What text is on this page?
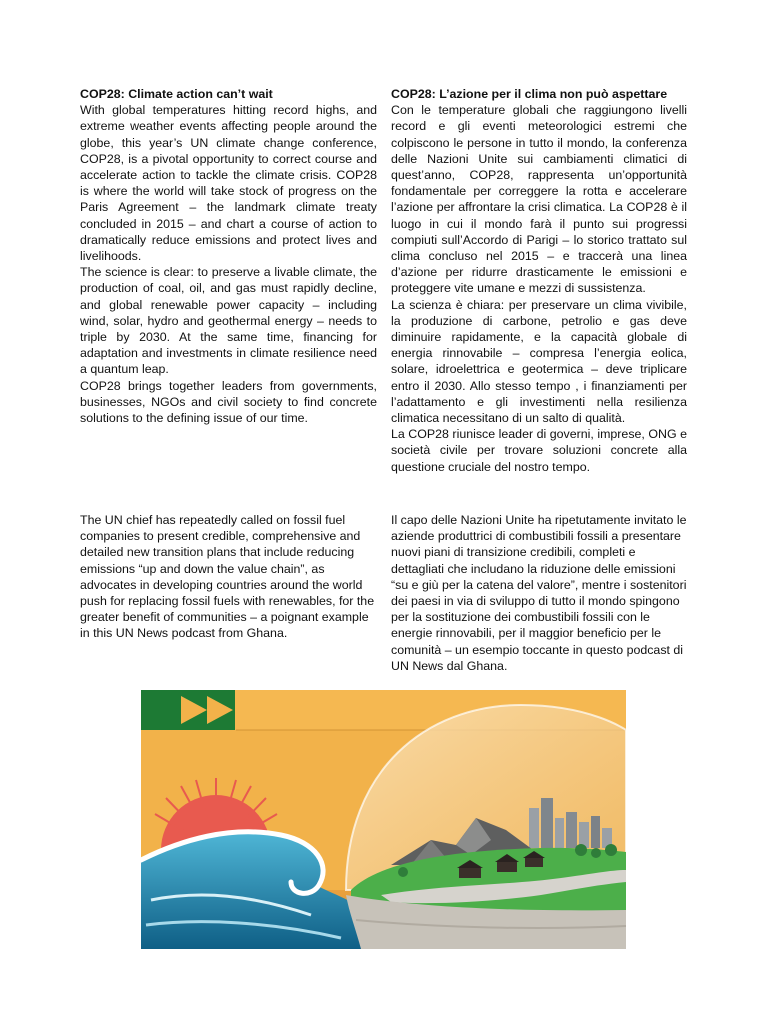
COP28: Climate action can’t wait

With global temperatures hitting record highs, and extreme weather events affecting people around the globe, this year’s UN climate change conference, COP28, is a pivotal opportunity to correct course and accelerate action to tackle the climate crisis. COP28 is where the world will take stock of progress on the Paris Agreement – the landmark climate treaty concluded in 2015 – and chart a course of action to dramatically reduce emissions and protect lives and livelihoods.

The science is clear: to preserve a livable climate, the production of coal, oil, and gas must rapidly decline, and global renewable power capacity – including wind, solar, hydro and geothermal energy – needs to triple by 2030. At the same time, financing for adaptation and investments in climate resilience need a quantum leap.

COP28 brings together leaders from governments, businesses, NGOs and civil society to find concrete solutions to the defining issue of our time.

COP28: L’azione per il clima non può aspettare

Con le temperature globali che raggiungono livelli record e gli eventi meteorologici estremi che colpiscono le persone in tutto il mondo, la conferenza delle Nazioni Unite sui cambiamenti climatici di quest’anno, COP28, rappresenta un’opportunità fondamentale per correggere la rotta e accelerare l’azione per affrontare la crisi climatica. La COP28 è il luogo in cui il mondo farà il punto sui progressi compiuti sull’Accordo di Parigi – lo storico trattato sul clima concluso nel 2015 – e traccerà una linea d’azione per ridurre drasticamente le emissioni e proteggere vite umane e mezzi di sussistenza.

La scienza è chiara: per preservare un clima vivibile, la produzione di carbone, petrolio e gas deve diminuire rapidamente, e la capacità globale di energia rinnovabile – compresa l’energia eolica, solare, idroelettrica e geotermica – deve triplicare entro il 2030. Allo stesso tempo , i finanziamenti per l’adattamento e gli investimenti nella resilienza climatica necessitano di un salto di qualità.

La COP28 riunisce leader di governi, imprese, ONG e società civile per trovare soluzioni concrete alla questione cruciale del nostro tempo.

The UN chief has repeatedly called on fossil fuel companies to present credible, comprehensive and detailed new transition plans that include reducing emissions “up and down the value chain”, as advocates in developing countries around the world push for replacing fossil fuels with renewables, for the greater benefit of communities – a poignant example in this UN News podcast from Ghana.

Il capo delle Nazioni Unite ha ripetutamente invitato le aziende produttrici di combustibili fossili a presentare nuovi piani di transizione credibili, completi e dettagliati che includano la riduzione delle emissioni “su e giù per la catena del valore”, mentre i sostenitori dei paesi in via di sviluppo di tutto il mondo spingono per la sostituzione dei combustibili fossili con le energie rinnovabili, per il maggior beneficio per le comunità – un esempio toccante in questo podcast di UN News dal Ghana.
